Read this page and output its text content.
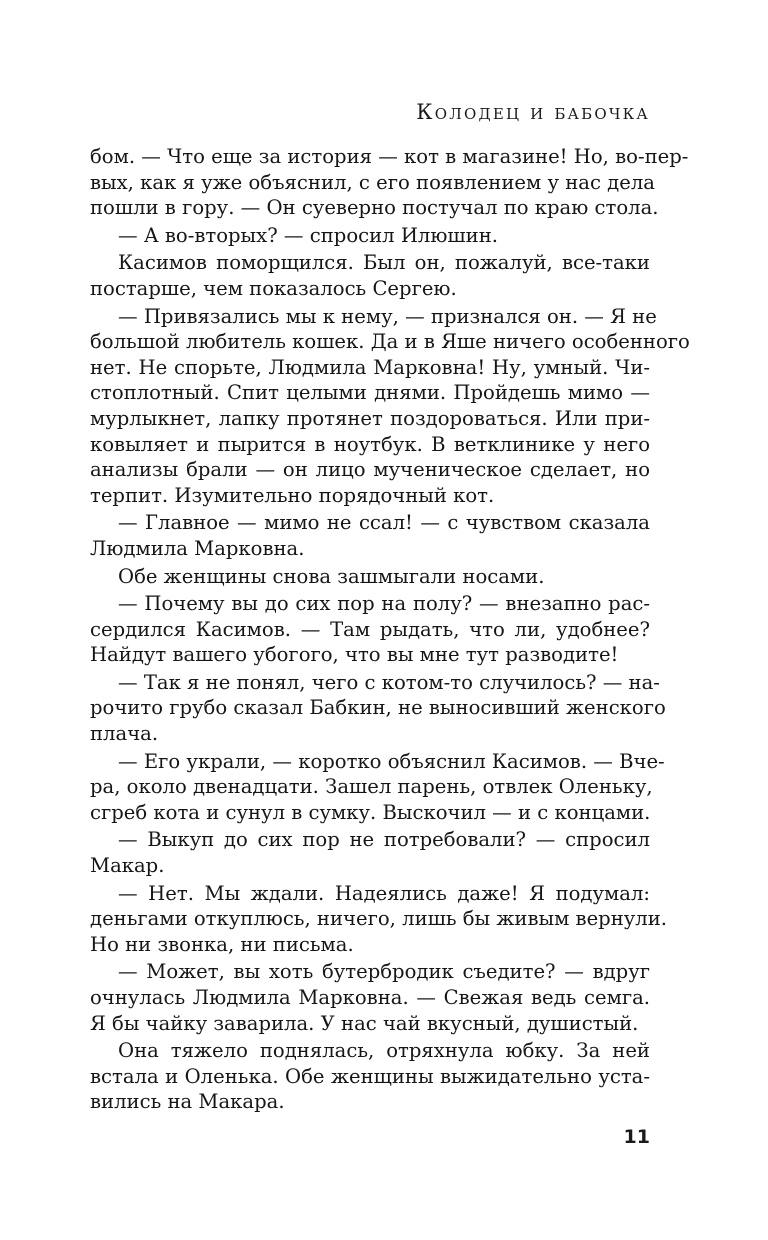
Колодец и бабочка
бом. — Что еще за история — кот в магазине! Но, во-пер-
вых, как я уже объяснил, с его появлением у нас дела
пошли в гору. — Он суеверно постучал по краю стола.
— А во-вторых? — спросил Илюшин.
Касимов поморщился. Был он, пожалуй, все-таки
постарше, чем показалось Сергею.
— Привязались мы к нему, — признался он. — Я не
большой любитель кошек. Да и в Яше ничего особенного
нет. Не спорьте, Людмила Марковна! Ну, умный. Чи-
стоплотный. Спит целыми днями. Пройдешь мимо —
мурлыкнет, лапку протянет поздороваться. Или при-
ковыляет и пырится в ноутбук. В ветклинике у него
анализы брали — он лицо мученическое сделает, но
терпит. Изумительно порядочный кот.
— Главное — мимо не ссал! — с чувством сказала
Людмила Марковна.
Обе женщины снова зашмыгали носами.
— Почему вы до сих пор на полу? — внезапно рас-
сердился Касимов. — Там рыдать, что ли, удобнее?
Найдут вашего убогого, что вы мне тут разводите!
— Так я не понял, чего с котом-то случилось? — на-
рочито грубо сказал Бабкин, не выносивший женского
плача.
— Его украли, — коротко объяснил Касимов. — Вче-
ра, около двенадцати. Зашел парень, отвлек Оленьку,
сгреб кота и сунул в сумку. Выскочил — и с концами.
— Выкуп до сих пор не потребовали? — спросил
Макар.
— Нет. Мы ждали. Надеялись даже! Я подумал:
деньгами откуплюсь, ничего, лишь бы живым вернули.
Но ни звонка, ни письма.
— Может, вы хоть бутербродик съедите? — вдруг
очнулась Людмила Марковна. — Свежая ведь семга.
Я бы чайку заварила. У нас чай вкусный, душистый.
Она тяжело поднялась, отряхнула юбку. За ней
встала и Оленька. Обе женщины выжидательно уста-
вились на Макара.
11
